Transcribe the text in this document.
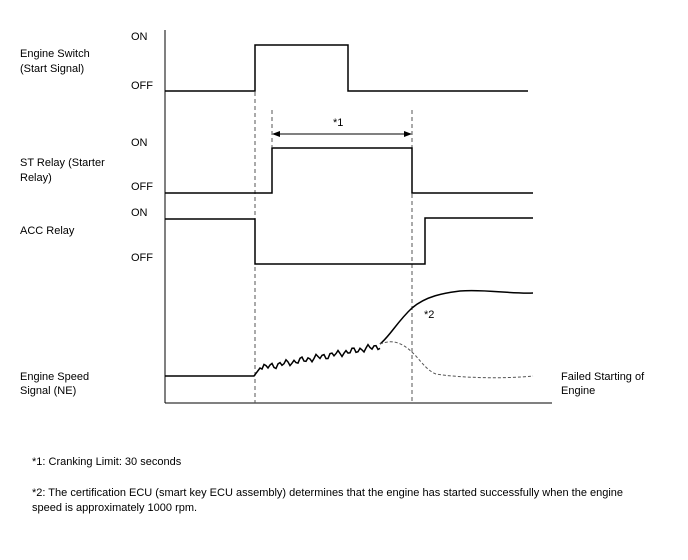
Engine Switch
(Start Signal)
ON
OFF
*1
ST Relay (Starter
Relay)
ON
OFF
ACC Relay
ON
OFF
Engine Speed
Signal (NE)
*2
Failed Starting of
Engine

*1: Cranking Limit: 30 seconds

*2: The certification ECU (smart key ECU assembly) determines that the engine has started successfully when the engine speed is approximately 1000 rpm.
